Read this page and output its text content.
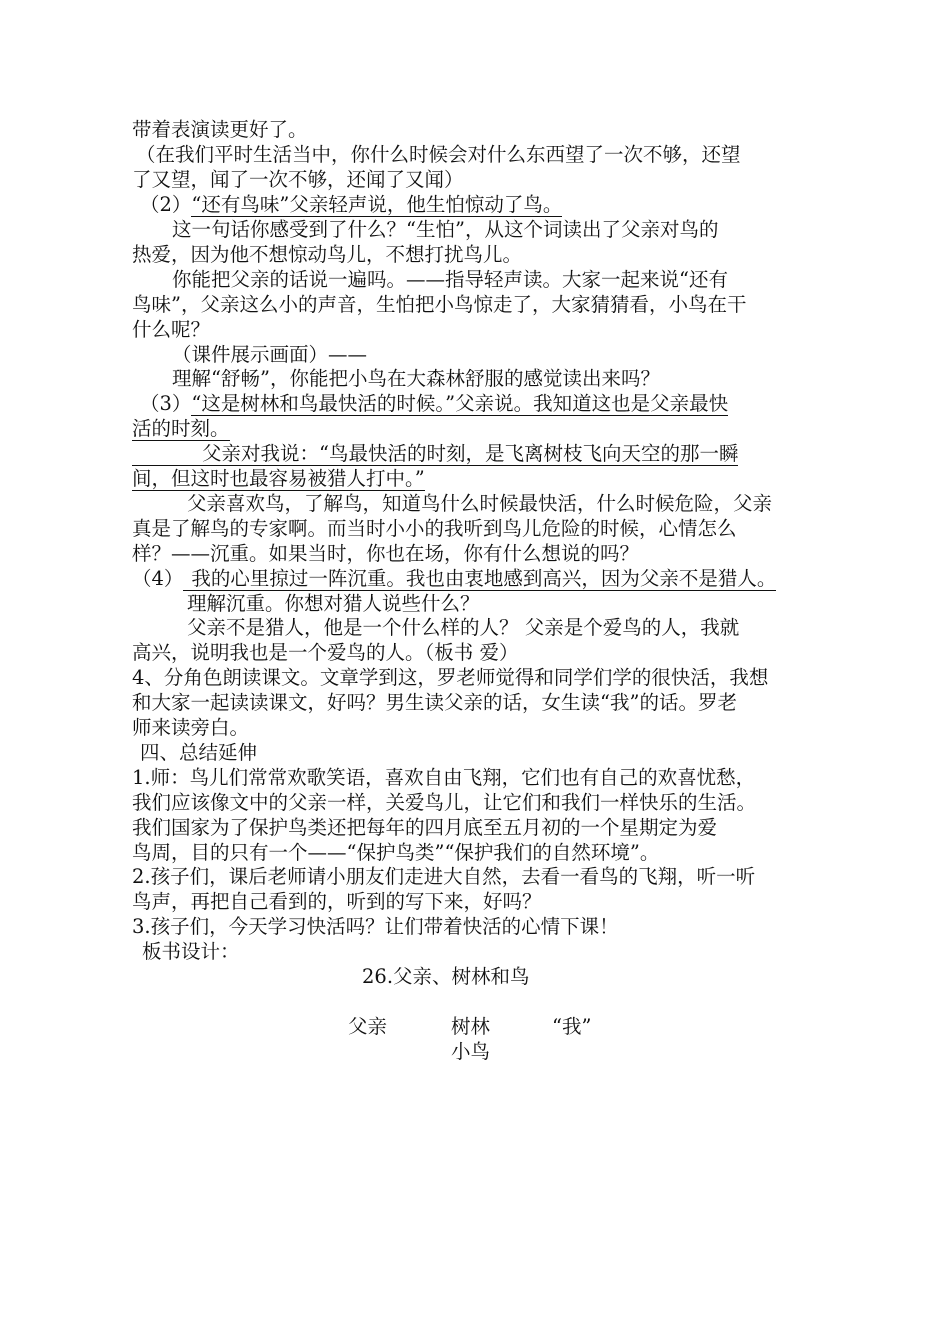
带着表演读更好了。
（在我们平时生活当中，你什么时候会对什么东西望了一次不够，还望
了又望，闻了一次不够，还闻了又闻）
（2）“还有鸟味”父亲轻声说，他生怕惊动了鸟。
这一句话你感受到了什么？“生怕”，从这个词读出了父亲对鸟的
热爱，因为他不想惊动鸟儿，不想打扰鸟儿。
你能把父亲的话说一遍吗。——指导轻声读。大家一起来说“还有
鸟味”，父亲这么小的声音，生怕把小鸟惊走了，大家猜猜看，小鸟在干
什么呢？
（课件展示画面）——
理解“舒畅”，你能把小鸟在大森林舒服的感觉读出来吗？
（3）“这是树林和鸟最快活的时候。”父亲说。我知道这也是父亲最快
活的时刻。
父亲对我说：“鸟最快活的时刻，是飞离树枝飞向天空的那一瞬
间，但这时也最容易被猎人打中。”
父亲喜欢鸟，了解鸟，知道鸟什么时候最快活，什么时候危险，父亲
真是了解鸟的专家啊。而当时小小的我听到鸟儿危险的时候，心情怎么
样？——沉重。如果当时，你也在场，你有什么想说的吗？
（4） 我的心里掠过一阵沉重。我也由衷地感到高兴，因为父亲不是猎人。
理解沉重。你想对猎人说些什么？
父亲不是猎人，他是一个什么样的人？ 父亲是个爱鸟的人，我就
高兴，说明我也是一个爱鸟的人。（板书 爱）
4、分角色朗读课文。文章学到这，罗老师觉得和同学们学的很快活，我想
和大家一起读读课文，好吗？男生读父亲的话，女生读“我”的话。罗老
师来读旁白。
四、总结延伸
1.师：鸟儿们常常欢歌笑语，喜欢自由飞翔，它们也有自己的欢喜忧愁，
我们应该像文中的父亲一样，关爱鸟儿，让它们和我们一样快乐的生活。
我们国家为了保护鸟类还把每年的四月底至五月初的一个星期定为爱
鸟周，目的只有一个——“保护鸟类”“保护我们的自然环境”。
2.孩子们，课后老师请小朋友们走进大自然，去看一看鸟的飞翔，听一听
鸟声，再把自己看到的，听到的写下来，好吗？
3.孩子们，今天学习快活吗？让们带着快活的心情下课！
板书设计：
26.父亲、树林和鸟
父亲	树林	“我”
小鸟
